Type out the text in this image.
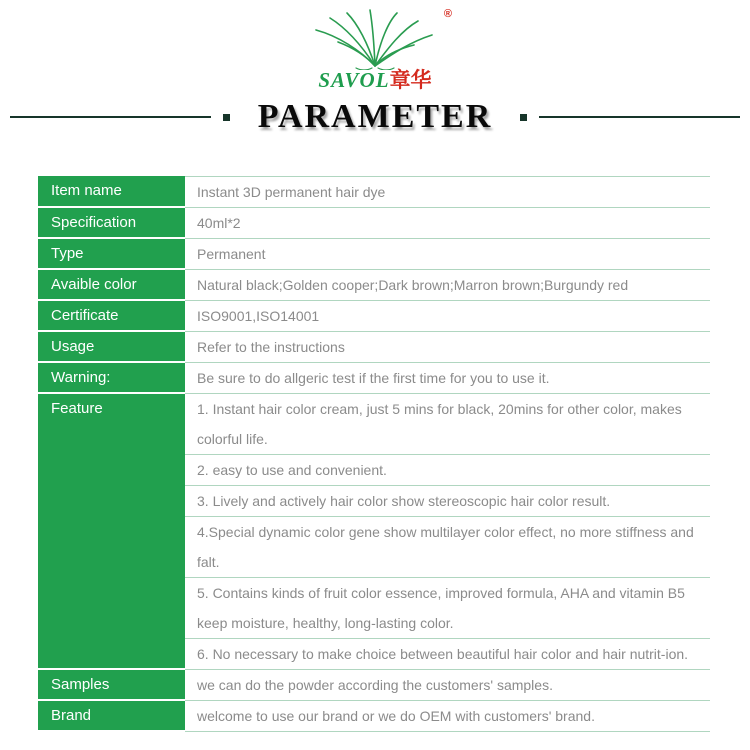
®
SAVOL章华
PARAMETER
Item name	Instant 3D permanent hair dye
Specification	40ml*2
Type	Permanent
Avaible color	Natural black;Golden cooper;Dark brown;Marron brown;Burgundy red
Certificate	ISO9001,ISO14001
Usage	Refer to the instructions
Warning:	Be sure to do allgeric test if the first time for you to use it.
Feature	1. Instant hair color cream, just 5 mins for black, 20mins for other color, makes colorful life.
2. easy to use and convenient.
3. Lively and actively hair color show stereoscopic hair color result.
4.Special dynamic color gene show multilayer color effect, no more stiffness and falt.
5. Contains kinds of fruit color essence, improved formula, AHA and vitamin B5 keep moisture, healthy, long-lasting color.
6. No necessary to make choice between beautiful hair color and hair nutrit-ion.
Samples	we can do the powder according the customers' samples.
Brand	welcome to use our brand or we do OEM with customers' brand.
